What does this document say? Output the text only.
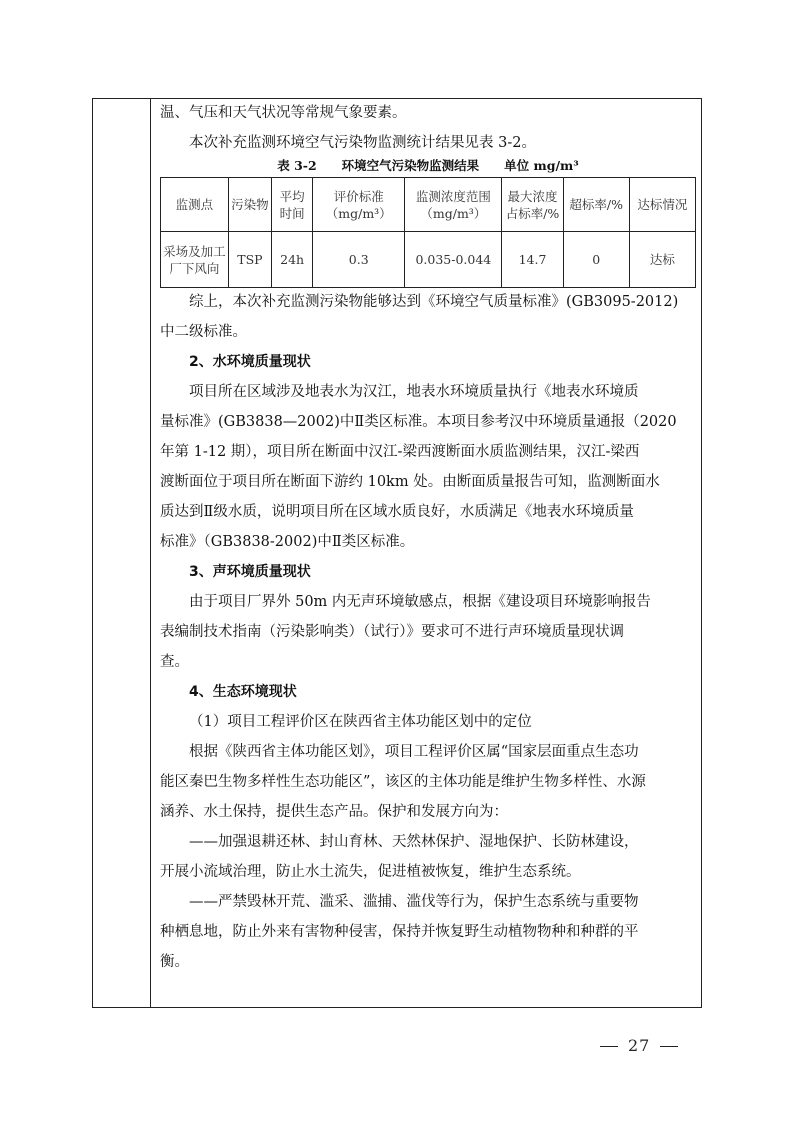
温、气压和天气状况等常规气象要素。
本次补充监测环境空气污染物监测统计结果见表 3-2。
表 3-2　　环境空气污染物监测结果　　单位 mg/m³
监测点	污染物	平均时间	评价标准（mg/m³）	监测浓度范围（mg/m³）	最大浓度占标率/%	超标率/%	达标情况
采场及加工厂下风向	TSP	24h	0.3	0.035-0.044	14.7	0	达标
综上，本次补充监测污染物能够达到《环境空气质量标准》(GB3095-2012)
中二级标准。
2、水环境质量现状
项目所在区域涉及地表水为汉江，地表水环境质量执行《地表水环境质
量标准》(GB3838—2002)中Ⅱ类区标准。本项目参考汉中环境质量通报（2020
年第 1-12 期），项目所在断面中汉江-梁西渡断面水质监测结果，汉江-梁西
渡断面位于项目所在断面下游约 10km 处。由断面质量报告可知，监测断面水
质达到Ⅱ级水质，说明项目所在区域水质良好，水质满足《地表水环境质量
标准》（GB3838-2002)中Ⅱ类区标准。
3、声环境质量现状
由于项目厂界外 50m 内无声环境敏感点，根据《建设项目环境影响报告
表编制技术指南（污染影响类）（试行）》要求可不进行声环境质量现状调
查。
4、生态环境现状
（1）项目工程评价区在陕西省主体功能区划中的定位
根据《陕西省主体功能区划》，项目工程评价区属“国家层面重点生态功
能区秦巴生物多样性生态功能区”，该区的主体功能是维护生物多样性、水源
涵养、水土保持，提供生态产品。保护和发展方向为：
——加强退耕还林、封山育林、天然林保护、湿地保护、长防林建设，
开展小流域治理，防止水土流失，促进植被恢复，维护生态系统。
——严禁毁林开荒、滥采、滥捕、滥伐等行为，保护生态系统与重要物
种栖息地，防止外来有害物种侵害，保持并恢复野生动植物物种和种群的平
衡。
27
